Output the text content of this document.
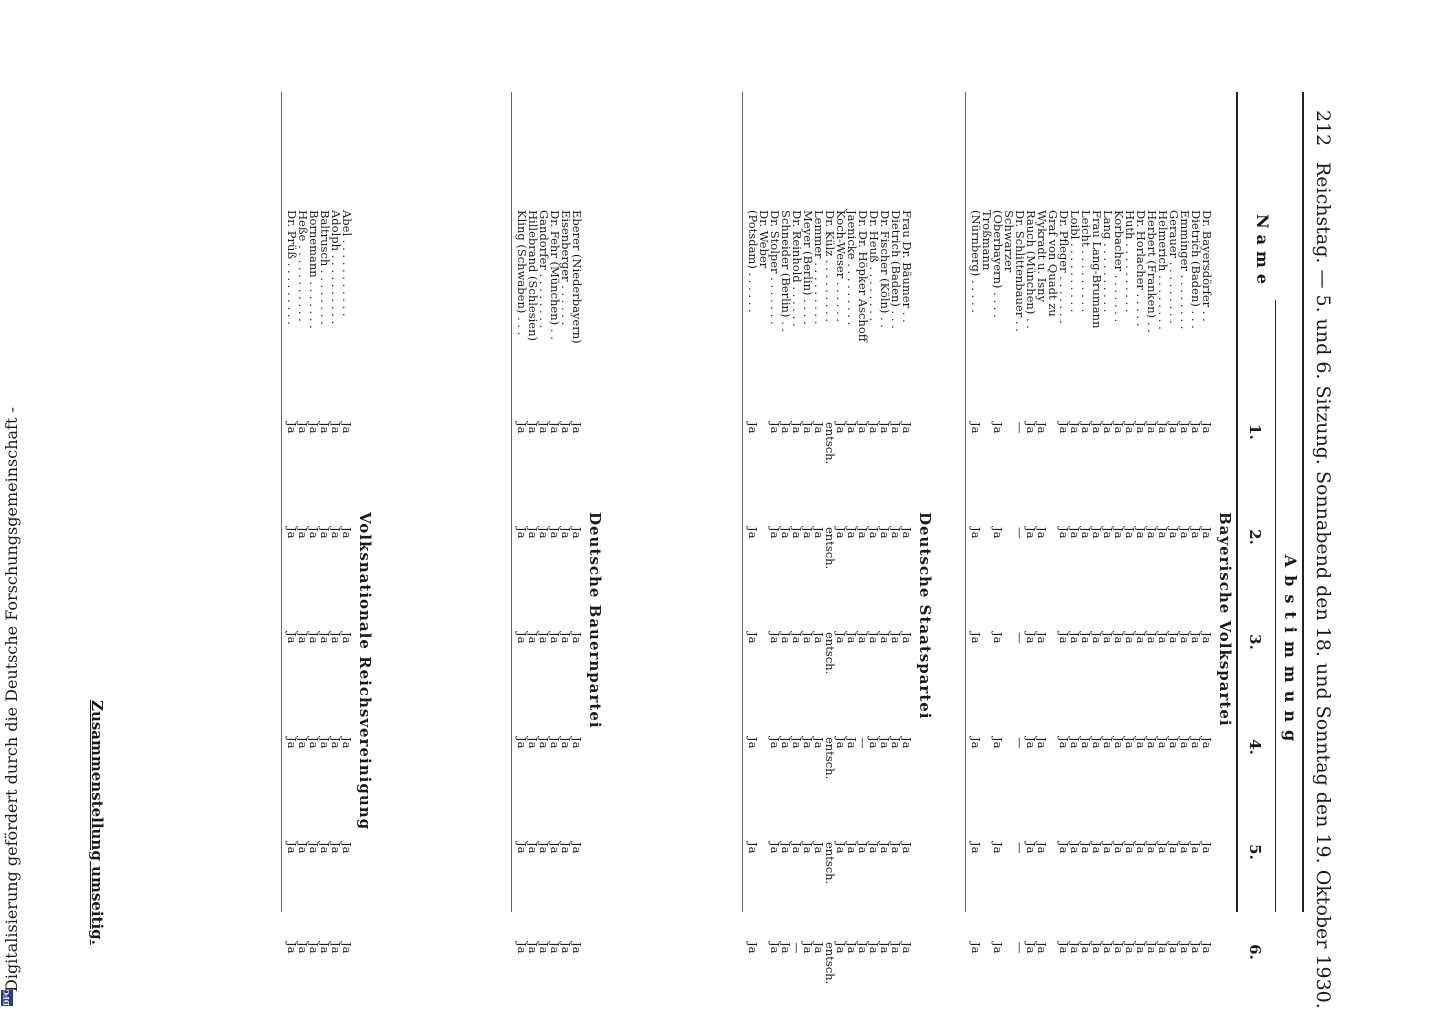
212
Reichstag. — 5. und 6. Sitzung. Sonnabend den 18. und Sonntag den 19. Oktober 1930.
Name
Abstimmung
1.
2.
3.
4.
5.
6.
Bayerische Volkspartei
Dr. Bayersdörfer . .
Ja
Ja
Ja
Ja
Ja
Ja
Dietrich (Baden) . . .
Ja
Ja
Ja
Ja
Ja
Ja
Emminger . . . . . . . .
Ja
Ja
Ja
Ja
Ja
Ja
Gerauer . . . . . . . . .
Ja
Ja
Ja
Ja
Ja
Ja
Helmerich . . . . . . . .
Ja
Ja
Ja
Ja
Ja
Ja
Herbert (Franken) . .
Ja
Ja
Ja
Ja
Ja
Ja
Dr. Horlacher . . . . .
Ja
Ja
Ja
Ja
Ja
Ja
Huth . . . . . . . . . .
Ja
Ja
Ja
Ja
Ja
Ja
Korbacher . . . . . . .
Ja
Ja
Ja
Ja
Ja
Ja
Lang . . . . . . . . . .
Ja
Ja
Ja
Ja
Ja
Ja
Frau Lang-Brumann
Ja
Ja
Ja
Ja
Ja
Ja
Leicht . . . . . . . . .
Ja
Ja
Ja
Ja
Ja
Ja
Loibl . . . . . . . . . .
Ja
Ja
Ja
Ja
Ja
Ja
Dr. Pfleger . . . . . . .
Ja
Ja
Ja
Ja
Ja
Ja
Graf von Quadt zu
Wykradt u. Isny
Ja
Ja
Ja
Ja
Ja
Ja
Rauch (München) . .
Ja
Ja
Ja
Ja
Ja
Ja
Dr. Schlittenbauer . .
—
—
—
—
—
—
Schwarzer
(Oberbayern) . . . .
Ja
Ja
Ja
Ja
Ja
Ja
Troßmann
(Nürnberg) . . . . .
Ja
Ja
Ja
Ja
Ja
Ja
Deutsche Staatspartei
Frau Dr. Bäumer . .
Ja
Ja
Ja
Ja
Ja
Ja
Dietrich (Baden) . . .
Ja
Ja
Ja
Ja
Ja
Ja
Dr. Fischer (Köln) . .
Ja
Ja
Ja
Ja
Ja
Ja
Dr. Heuß . . . . . . . .
Ja
Ja
Ja
Ja
Ja
Ja
Dr. Dr. Höpker Aschoff
Ja
Ja
Ja
—
Ja
Ja
Jaenicke . . . . . . . . .
Ja
Ja
Ja
Ja
Ja
Ja
Koch-Weser . . . . . .
Ja
Ja
Ja
Ja
Ja
Ja
Dr. Külz . . . . . . . . .
entsch.
entsch.
entsch.
entsch.
entsch.
entsch.
Lemmer . . . . . . . . .
Ja
Ja
Ja
Ja
Ja
Ja
Meyer (Berlin) . . . .
Ja
Ja
Ja
Ja
Ja
Ja
Dr. Reinhold . . . . . .
Ja
Ja
Ja
Ja
Ja
—
Schneider (Berlin) . .
Ja
Ja
Ja
Ja
Ja
Ja
Dr. Stolper . . . . . . .
Ja
Ja
Ja
Ja
Ja
Ja
Dr. Weber
(Potsdam) . . . . . .
Ja
Ja
Ja
Ja
Ja
Ja
Deutsche Bauernpartei
Eberer (Niederbayern)
Ja
Ja
Ja
Ja
Ja
Ja
Eisenberger . . . . . .
Ja
Ja
Ja
Ja
Ja
Ja
Dr. Fehr (München) . .
Ja
Ja
Ja
Ja
Ja
Ja
Gandorfer . . . . . . . .
Ja
Ja
Ja
Ja
Ja
Ja
Hillebrand (Schlesien)
Ja
Ja
Ja
Ja
Ja
Ja
Kling (Schwaben) . . .
Ja
Ja
Ja
Ja
Ja
Ja
Volksnationale Reichsvereinigung
Abel . . . . . . . . . . .
Ja
Ja
Ja
Ja
Ja
Ja
Adolph . . . . . . . . . .
Ja
Ja
Ja
Ja
Ja
Ja
Baltrusch . . . . . . . .
Ja
Ja
Ja
Ja
Ja
Ja
Bornemann . . . . . . .
Ja
Ja
Ja
Ja
Ja
Ja
Heße . . . . . . . . . . .
Ja
Ja
Ja
Ja
Ja
Ja
Dr. Prüß . . . . . . . . .
Ja
Ja
Ja
Ja
Ja
Ja
Zusammenstellung umseitig.
DFG
Digitalisierung gefördert durch die Deutsche Forschungsgemeinschaft -
